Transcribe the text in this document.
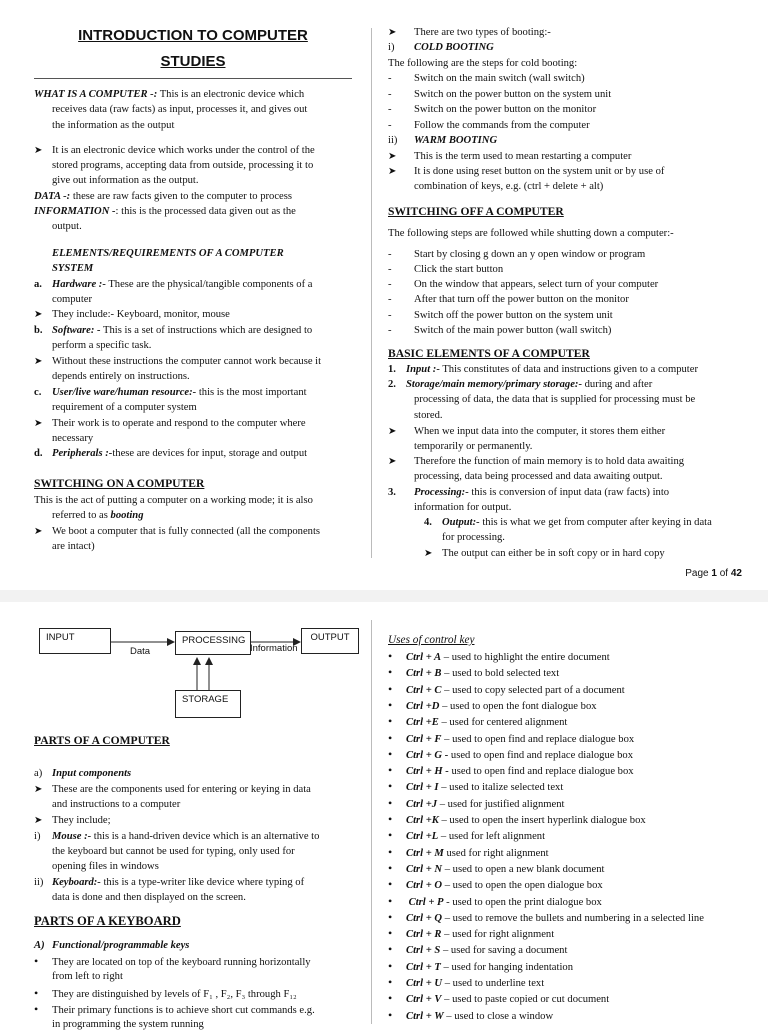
INTRODUCTION TO COMPUTER
STUDIES
WHAT IS A COMPUTER -: This is an electronic device which
receives data (raw facts) as input, processes it, and gives out
the information as the output
➤ It is an electronic device which works under the control of the
stored programs, accepting data from outside, processing it to
give out information as the output.
DATA -: these are raw facts given to the computer to process
INFORMATION -: this is the processed data given out as the
output.
ELEMENTS/REQUIREMENTS OF A COMPUTER
SYSTEM
a. Hardware :- These are the physical/tangible components of a
computer
➤ They include:- Keyboard, monitor, mouse
b. Software: - This is a set of instructions which are designed to
perform a specific task.
➤ Without these instructions the computer cannot work because it
depends entirely on instructions.
c. User/live ware/human resource:- this is the most important
requirement of a computer system
➤ Their work is to operate and respond to the computer where
necessary
d. Peripherals :-these are devices for input, storage and output
SWITCHING ON A COMPUTER
This is the act of putting a computer on a working mode; it is also
referred to as booting
➤ We boot a computer that is fully connected (all the components
are intact)
➤ There are two types of booting:-
i) COLD BOOTING
The following are the steps for cold booting:
- Switch on the main switch (wall switch)
- Switch on the power button on the system unit
- Switch on the power button on the monitor
- Follow the commands from the computer
ii) WARM BOOTING
➤ This is the term used to mean restarting a computer
➤ It is done using reset button on the system unit or by use of
combination of keys, e.g. (ctrl + delete + alt)
SWITCHING OFF A COMPUTER
The following steps are followed while shutting down a computer:-
- Start by closing g down an y open window or program
- Click the start button
- On the window that appears, select turn of your computer
- After that turn off the power button on the monitor
- Switch off the power button on the system unit
- Switch of the main power button (wall switch)
BASIC ELEMENTS OF A COMPUTER
1. Input :- This constitutes of data and instructions given to a computer
2. Storage/main memory/primary storage:- during and after
processing of data, the data that is supplied for processing must be
stored.
➤ When we input data into the computer, it stores them either
temporarily or permanently.
➤ Therefore the function of main memory is to hold data awaiting
processing, data being processed and data awaiting output.
3. Processing:- this is conversion of input data (raw facts) into
information for output.
4. Output:- this is what we get from computer after keying in data
for processing.
➤ The output can either be in soft copy or in hard copy
Page 1 of 42
INPUT	PROCESSING	OUTPUT
STORAGE
Data	Information
PARTS OF A COMPUTER
a) Input components
➤ These are the components used for entering or keying in data
and instructions to a computer
➤ They include;
i) Mouse :- this is a hand-driven device which is an alternative to
the keyboard but cannot be used for typing, only used for
opening files in windows
ii) Keyboard:- this is a type-writer like device where typing of
data is done and then displayed on the screen.
PARTS OF A KEYBOARD
A) Functional/programmable keys
• They are located on top of the keyboard running horizontally
from left to right
• They are distinguished by levels of F₁ , F₂, F₃ through F₁₂
• Their primary functions is to achieve short cut commands e.g.
in programming the system running
Uses of control key
• Ctrl + A – used to highlight the entire document
• Ctrl + B – used to bold selected text
• Ctrl + C – used to copy selected part of a document
• Ctrl +D – used to open the font dialogue box
• Ctrl +E – used for centered alignment
• Ctrl + F – used to open find and replace dialogue box
• Ctrl + G - used to open find and replace dialogue box
• Ctrl + H - used to open find and replace dialogue box
• Ctrl + I – used to italize selected text
• Ctrl +J – used for justified alignment
• Ctrl +K – used to open the insert hyperlink dialogue box
• Ctrl +L – used for left alignment
• Ctrl + M used for right alignment
• Ctrl + N – used to open a new blank document
• Ctrl + O – used to open the open dialogue box
• Ctrl + P - used to open the print dialogue box
• Ctrl + Q – used to remove the bullets and numbering in a selected line
• Ctrl + R – used for right alignment
• Ctrl + S – used for saving a document
• Ctrl + T – used for hanging indentation
• Ctrl + U – used to underline text
• Ctrl + V – used to paste copied or cut document
• Ctrl + W – used to close a window
